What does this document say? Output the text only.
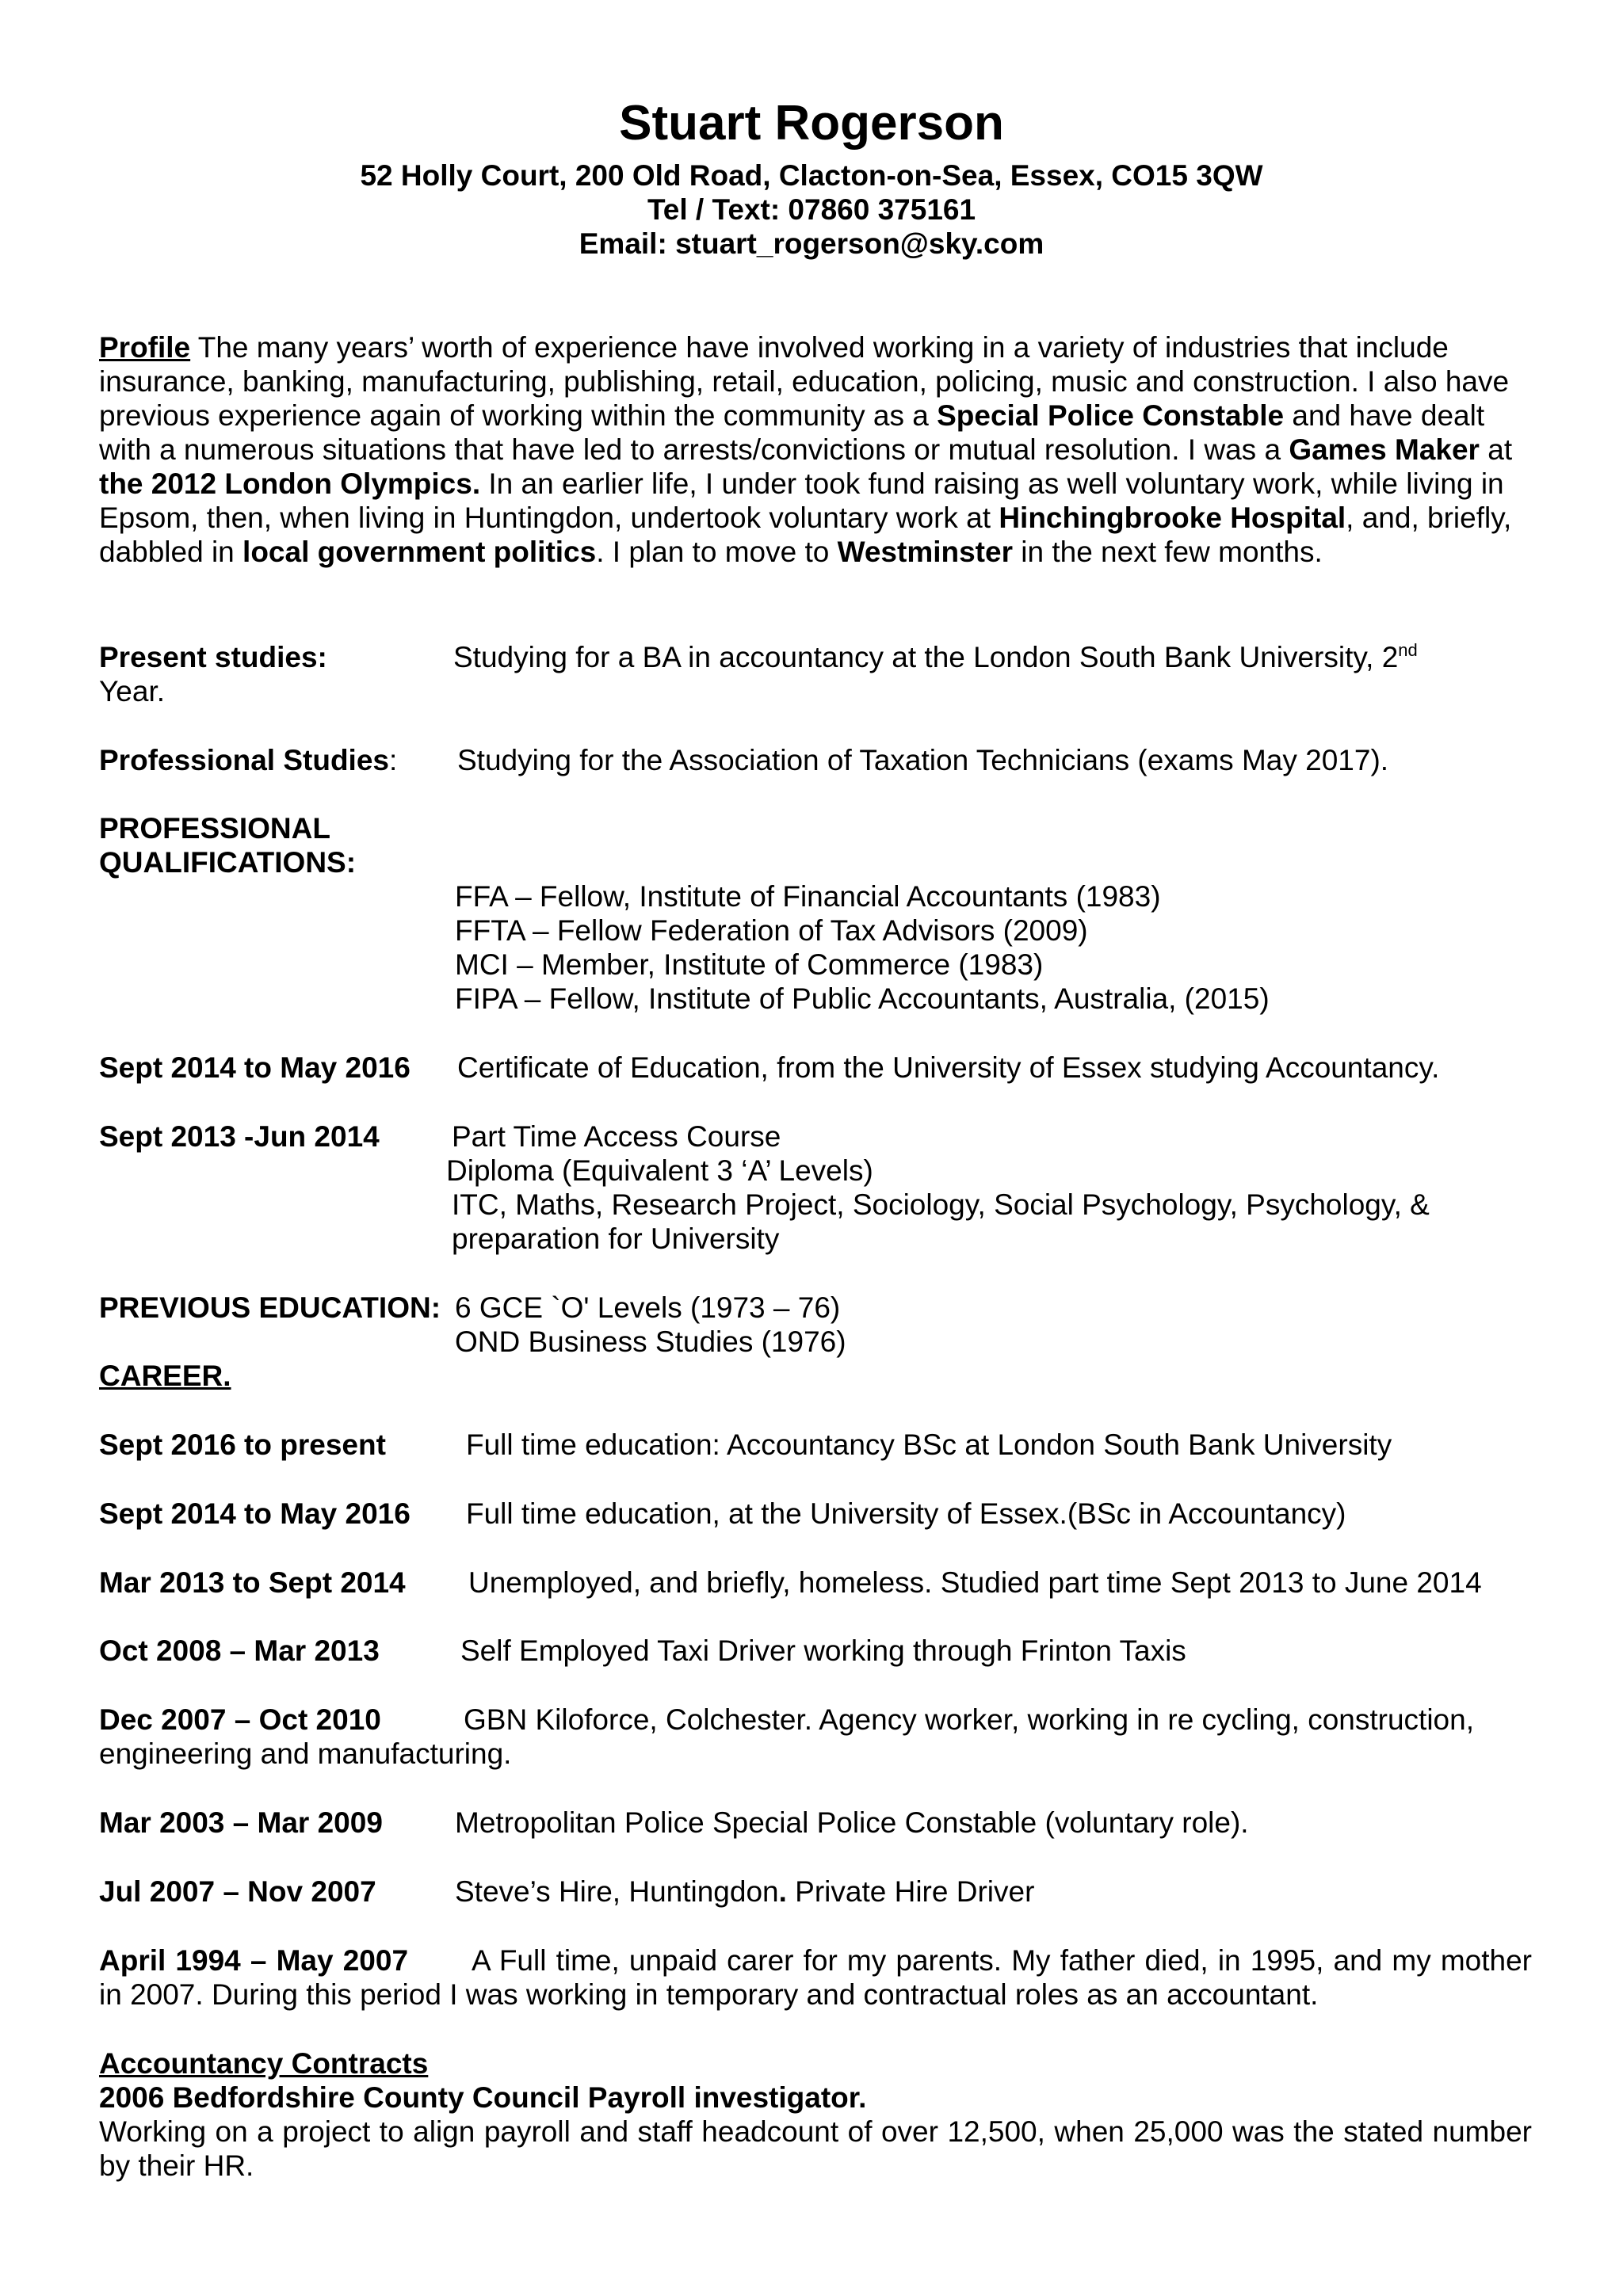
Stuart Rogerson
52 Holly Court, 200 Old Road, Clacton-on-Sea, Essex, CO15 3QW
Tel / Text: 07860 375161
Email: stuart_rogerson@sky.com

Profile The many years’ worth of experience have involved working in a variety of industries that include insurance, banking, manufacturing, publishing, retail, education, policing, music and construction. I also have previous experience again of working within the community as a Special Police Constable and have dealt with a numerous situations that have led to arrests/convictions or mutual resolution. I was a Games Maker at the 2012 London Olympics. In an earlier life, I under took fund raising as well voluntary work, while living in Epsom, then, when living in Huntingdon, undertook voluntary work at Hinchingbrooke Hospital, and, briefly, dabbled in local government politics. I plan to move to Westminster in the next few months.

Present studies:	Studying for a BA in accountancy at the London South Bank University, 2nd
Year.
Professional Studies: Studying for the Association of Taxation Technicians (exams May 2017).
PROFESSIONAL
QUALIFICATIONS:
FFA – Fellow, Institute of Financial Accountants (1983)
FFTA – Fellow Federation of Tax Advisors (2009)
MCI – Member, Institute of Commerce (1983)
FIPA – Fellow, Institute of Public Accountants, Australia, (2015)
Sept 2014 to May 2016 Certificate of Education, from the University of Essex studying Accountancy.
Sept 2013 -Jun 2014 Part Time Access Course
Diploma (Equivalent 3 ‘A’ Levels)
ITC, Maths, Research Project, Sociology, Social Psychology, Psychology, &
preparation for University
PREVIOUS EDUCATION: 6 GCE `O' Levels (1973 – 76)
OND Business Studies (1976)
CAREER.
Sept 2016 to present	Full time education: Accountancy BSc at London South Bank University
Sept 2014 to May 2016 Full time education, at the University of Essex.(BSc in Accountancy)
Mar 2013 to Sept 2014 Unemployed, and briefly, homeless. Studied part time Sept 2013 to June 2014
Oct 2008 – Mar 2013	Self Employed Taxi Driver working through Frinton Taxis
Dec 2007 – Oct 2010	GBN Kiloforce, Colchester. Agency worker, working in re cycling, construction,
engineering and manufacturing.
Mar 2003 – Mar 2009 Metropolitan Police Special Police Constable (voluntary role).
Jul 2007 – Nov 2007	Steve’s Hire, Huntingdon. Private Hire Driver

April 1994 – May 2007 A Full time, unpaid carer for my parents. My father died, in 1995, and my mother in 2007. During this period I was working in temporary and contractual roles as an accountant.

Accountancy Contracts
2006 Bedfordshire County Council Payroll investigator.

Working on a project to align payroll and staff headcount of over 12,500, when 25,000 was the stated number by their HR.
